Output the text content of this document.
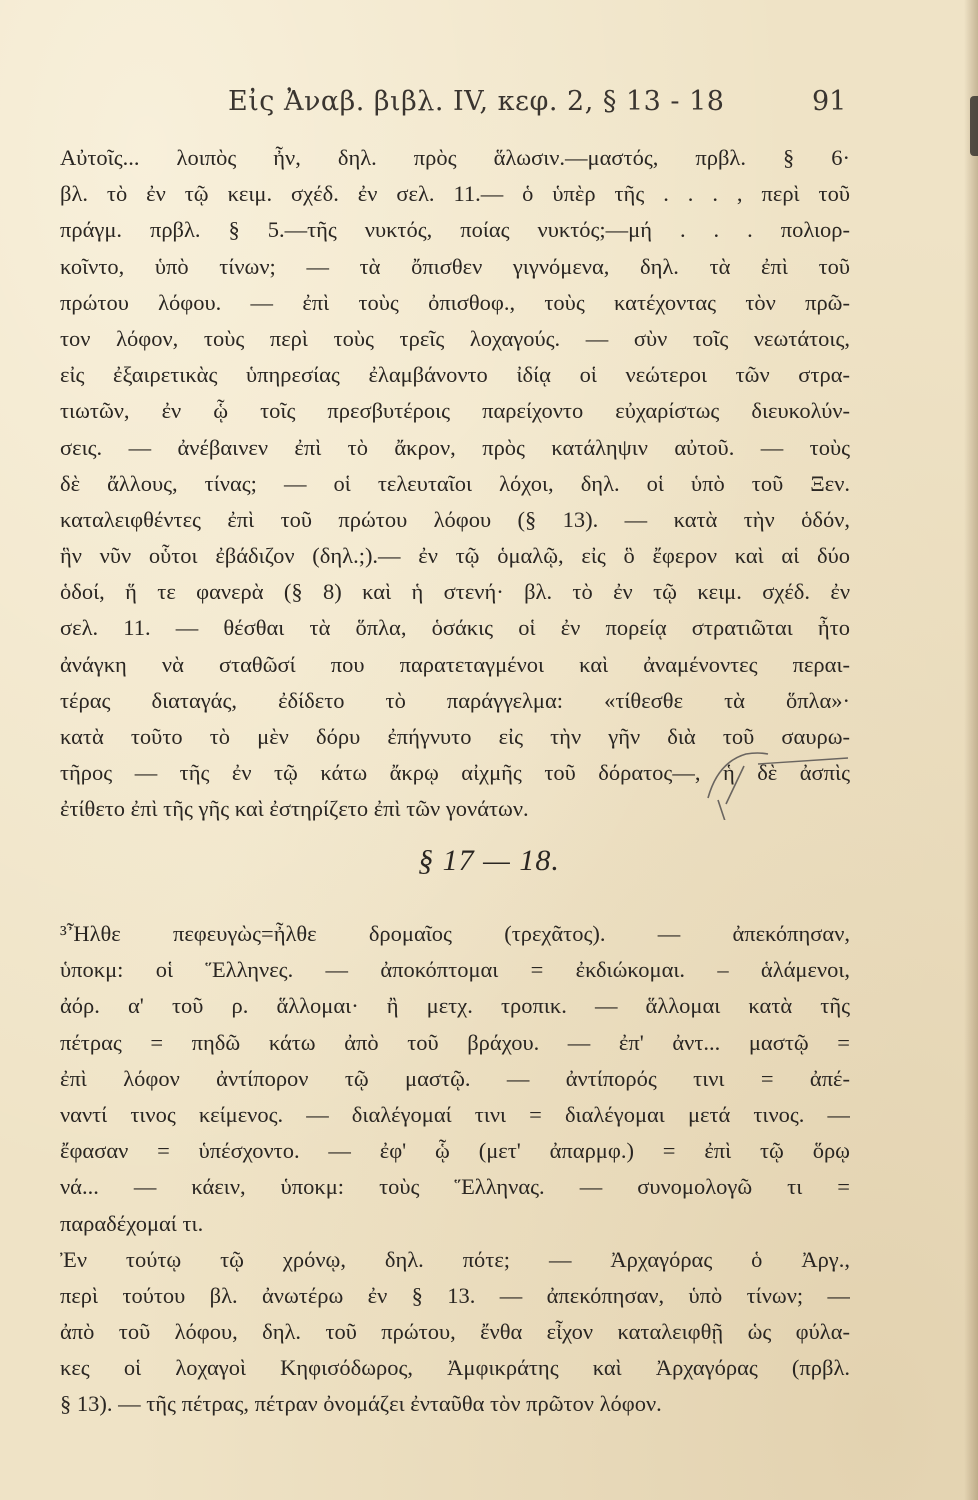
Εἰς Ἀναβ. βιβλ. IV, κεφ. 2, § 13 - 18	91
Αὐτοῖς... λοιπὸς ἦν, δηλ. πρὸς ἅλωσιν.—μαστός, πρβλ. § 6·
βλ. τὸ ἐν τῷ κειμ. σχέδ. ἐν σελ. 11.— ὁ ὑπὲρ τῆς . . . , περὶ τοῦ
πράγμ. πρβλ. § 5.—τῆς νυκτός, ποίας νυκτός;—μή . . . πολιορ-
κοῖντο, ὑπὸ τίνων; — τὰ ὄπισθεν γιγνόμενα, δηλ. τὰ ἐπὶ τοῦ
πρώτου λόφου. — ἐπὶ τοὺς ὀπισθοφ., τοὺς κατέχοντας τὸν πρῶ-
τον λόφον, τοὺς περὶ τοὺς τρεῖς λοχαγούς. — σὺν τοῖς νεωτάτοις,
εἰς ἐξαιρετικὰς ὑπηρεσίας ἐλαμβάνοντο ἰδίᾳ οἱ νεώτεροι τῶν στρα-
τιωτῶν, ἐν ᾧ τοῖς πρεσβυτέροις παρείχοντο εὐχαρίστως διευκολύν-
σεις. — ἀνέβαινεν ἐπὶ τὸ ἄκρον, πρὸς κατάληψιν αὐτοῦ. — τοὺς
δὲ ἄλλους, τίνας; — οἱ τελευταῖοι λόχοι, δηλ. οἱ ὑπὸ τοῦ Ξεν.
καταλειφθέντες ἐπὶ τοῦ πρώτου λόφου (§ 13). — κατὰ τὴν ὁδόν,
ἣν νῦν οὗτοι ἐβάδιζον (δηλ.;).— ἐν τῷ ὁμαλῷ, εἰς ὃ ἔφερον καὶ αἱ δύο
ὁδοί, ἥ τε φανερὰ (§ 8) καὶ ἡ στενή· βλ. τὸ ἐν τῷ κειμ. σχέδ. ἐν
σελ. 11. — θέσθαι τὰ ὅπλα, ὁσάκις οἱ ἐν πορείᾳ στρατιῶται ἦτο
ἀνάγκη νὰ σταθῶσί που παρατεταγμένοι καὶ ἀναμένοντες περαι-
τέρας διαταγάς, ἐδίδετο τὸ παράγγελμα: «τίθεσθε τὰ ὅπλα»·
κατὰ τοῦτο τὸ μὲν δόρυ ἐπήγνυτο εἰς τὴν γῆν διὰ τοῦ σαυρω-
τῆρος — τῆς ἐν τῷ κάτω ἄκρῳ αἰχμῆς τοῦ δόρατος—, ἡ δὲ ἀσπὶς
ἐτίθετο ἐπὶ τῆς γῆς καὶ ἐστηρίζετο ἐπὶ τῶν γονάτων.
§ 17 — 18.
³Ἦλθε πεφευγὼς=ἦλθε δρομαῖος (τρεχᾶτος). — ἀπεκόπησαν,
ὑποκμ: οἱ Ἕλληνες. — ἀποκόπτομαι = ἐκδιώκομαι. – ἁλάμενοι,
ἀόρ. α' τοῦ ρ. ἅλλομαι· ἢ μετχ. τροπικ. — ἅλλομαι κατὰ τῆς
πέτρας = πηδῶ κάτω ἀπὸ τοῦ βράχου. — ἐπ' ἀντ... μαστῷ =
ἐπὶ λόφον ἀντίπορον τῷ μαστῷ. — ἀντίπορός τινι = ἀπέ-
ναντί τινος κείμενος. — διαλέγομαί τινι = διαλέγομαι μετά τινος. —
ἔφασαν = ὑπέσχοντο. — ἐφ' ᾧ (μετ' ἀπαρμφ.) = ἐπὶ τῷ ὅρῳ
νά... — κάειν, ὑποκμ: τοὺς Ἕλληνας. — συνομολογῶ τι =
παραδέχομαί τι.
Ἐν τούτῳ τῷ χρόνῳ, δηλ. πότε; — Ἀρχαγόρας ὁ Ἀργ.,
περὶ τούτου βλ. ἀνωτέρω ἐν § 13. — ἀπεκόπησαν, ὑπὸ τίνων; —
ἀπὸ τοῦ λόφου, δηλ. τοῦ πρώτου, ἔνθα εἶχον καταλειφθῇ ὡς φύλα-
κες οἱ λοχαγοὶ Κηφισόδωρος, Ἀμφικράτης καὶ Ἀρχαγόρας (πρβλ.
§ 13). — τῆς πέτρας, πέτραν ὀνομάζει ἐνταῦθα τὸν πρῶτον λόφον.
